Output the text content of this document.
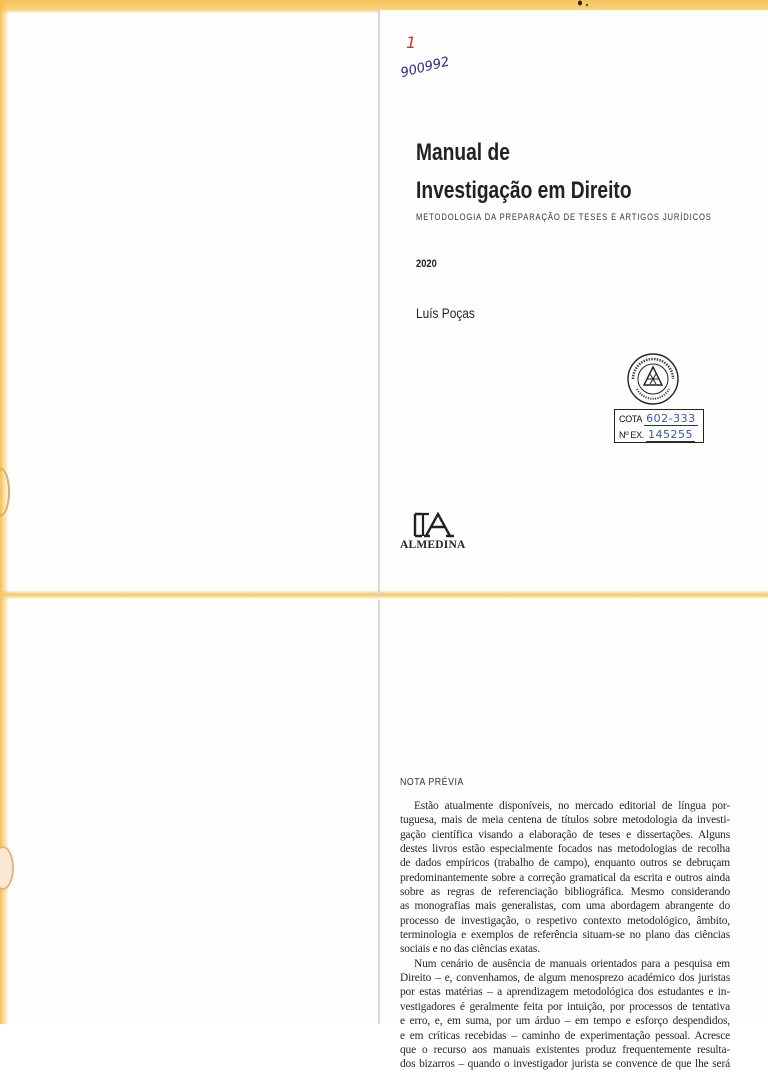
1
900992
Manual de
Investigação em Direito
METODOLOGIA DA PREPARAÇÃO DE TESES E ARTIGOS JURÍDICOS
2020
Luís Poças
COTA 602-333
Nº EX. 145255
ALMEDINA
NOTA PRÉVIA
Estão atualmente disponíveis, no mercado editorial de língua por-
tuguesa, mais de meia centena de títulos sobre metodologia da investi-
gação científica visando a elaboração de teses e dissertações. Alguns
destes livros estão especialmente focados nas metodologias de recolha
de dados empíricos (trabalho de campo), enquanto outros se debruçam
predominantemente sobre a correção gramatical da escrita e outros ainda
sobre as regras de referenciação bibliográfica. Mesmo considerando
as monografias mais generalistas, com uma abordagem abrangente do
processo de investigação, o respetivo contexto metodológico, âmbito,
terminologia e exemplos de referência situam-se no plano das ciências
sociais e no das ciências exatas.
Num cenário de ausência de manuais orientados para a pesquisa em
Direito – e, convenhamos, de algum menosprezo académico dos juristas
por estas matérias – a aprendizagem metodológica dos estudantes e in-
vestigadores é geralmente feita por intuição, por processos de tentativa
e erro, e, em suma, por um árduo – em tempo e esforço despendidos,
e em críticas recebidas – caminho de experimentação pessoal. Acresce
que o recurso aos manuais existentes produz frequentemente resulta-
dos bizarros – quando o investigador jurista se convence de que lhe será
